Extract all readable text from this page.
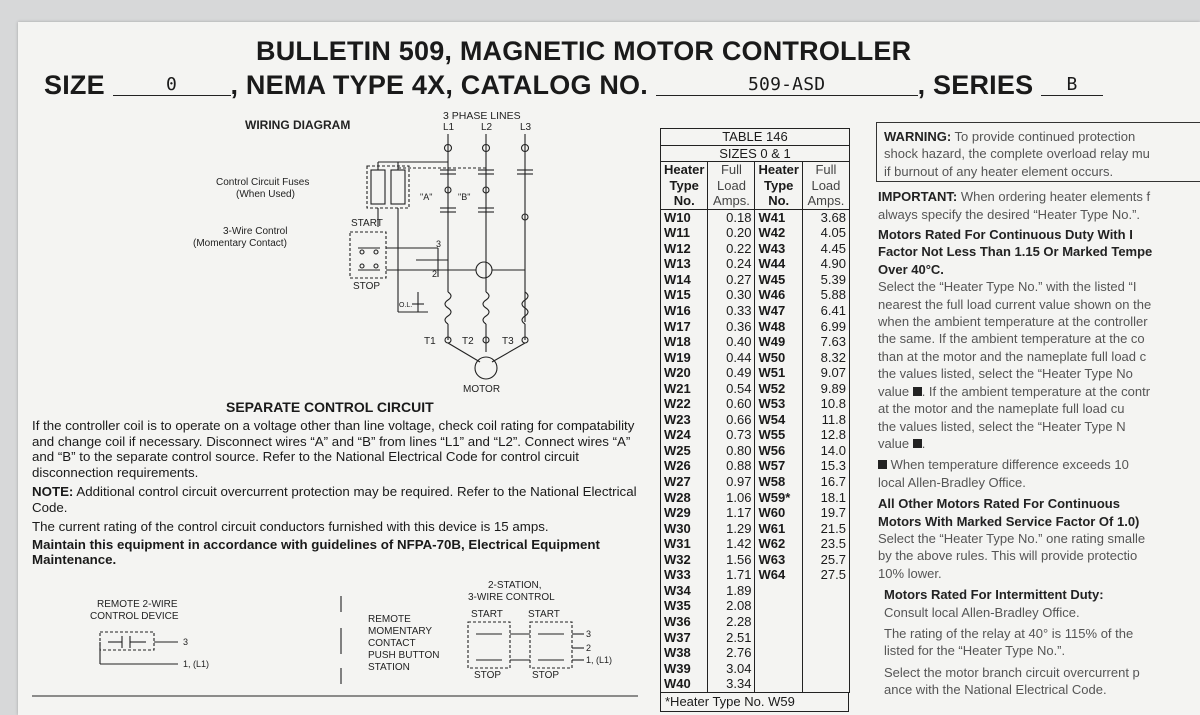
BULLETIN 509, MAGNETIC MOTOR CONTROLLER
SIZE	0 , NEMA TYPE 4X, CATALOG NO.	509-ASD	, SERIES B
3 PHASE LINES
L1	L2	L3
WIRING DIAGRAM
Control Circuit Fuses
(When Used)
3-Wire Control
(Momentary Contact)
START
STOP
"A"	"B"
3
2
O.L.
T1	T2	T3
MOTOR
REMOTE 2-WIRE
CONTROL DEVICE
3
1, (L1)
REMOTE
MOMENTARY
CONTACT
PUSH BUTTON
STATION
2-STATION,
3-WIRE CONTROL
START	START
STOP	STOP
3
2
1, (L1)
SEPARATE CONTROL CIRCUIT
If the controller coil is to operate on a voltage other than line voltage, check coil rating for compatability and change coil if necessary. Disconnect wires “A” and “B” from lines “L1” and “L2”. Connect wires “A” and “B” to the separate control source. Refer to the National Electrical Code for control circuit disconnection requirements.
NOTE: Additional control circuit overcurrent protection may be required. Refer to the National Electrical Code.
The current rating of the control circuit conductors furnished with this device is 15 amps.
Maintain this equipment in accordance with guidelines of NFPA-70B, Electrical Equipment Maintenance.
TABLE 146			
SIZES 0 & 1			
Heater
Type
No.	Full
Load
Amps.	Heater
Type
No.	Full
Load
Amps.
W10	0.18	W41	3.68
W11	0.20	W42	4.05
W12	0.22	W43	4.45
W13	0.24	W44	4.90
W14	0.27	W45	5.39
W15	0.30	W46	5.88
W16	0.33	W47	6.41
W17	0.36	W48	6.99
W18	0.40	W49	7.63
W19	0.44	W50	8.32
W20	0.49	W51	9.07
W21	0.54	W52	9.89
W22	0.60	W53	10.8
W23	0.66	W54	11.8
W24	0.73	W55	12.8
W25	0.80	W56	14.0
W26	0.88	W57	15.3
W27	0.97	W58	16.7
W28	1.06	W59*	18.1
W29	1.17	W60	19.7
W30	1.29	W61	21.5
W31	1.42	W62	23.5
W32	1.56	W63	25.7
W33	1.71	W64	27.5
W34	1.89		
W35	2.08		
W36	2.28		
W37	2.51		
W38	2.76		
W39	3.04		
W40	3.34		
*Heater Type No. W59
WARNING: To provide continued protection
shock hazard, the complete overload relay mu
if burnout of any heater element occurs.
IMPORTANT: When ordering heater elements f
always specify the desired “Heater Type No.”.
Motors Rated For Continuous Duty With I
Factor Not Less Than 1.15 Or Marked Tempe
Over 40°C.
Select the “Heater Type No.” with the listed “I
nearest the full load current value shown on the
when the ambient temperature at the controller
the same. If the ambient temperature at the co
than at the motor and the nameplate full load c
the values listed, select the “Heater Type No
value . If the ambient temperature at the contr
at the motor and the nameplate full load cu
the values listed, select the “Heater Type N
value .
When temperature difference exceeds 10
local Allen-Bradley Office.
All Other Motors Rated For Continuous
Motors With Marked Service Factor Of 1.0)
Select the “Heater Type No.” one rating smalle
by the above rules. This will provide protectio
10% lower.
Motors Rated For Intermittent Duty:
Consult local Allen-Bradley Office.
The rating of the relay at 40° is 115% of the
listed for the “Heater Type No.”.
Select the motor branch circuit overcurrent p
ance with the National Electrical Code.
